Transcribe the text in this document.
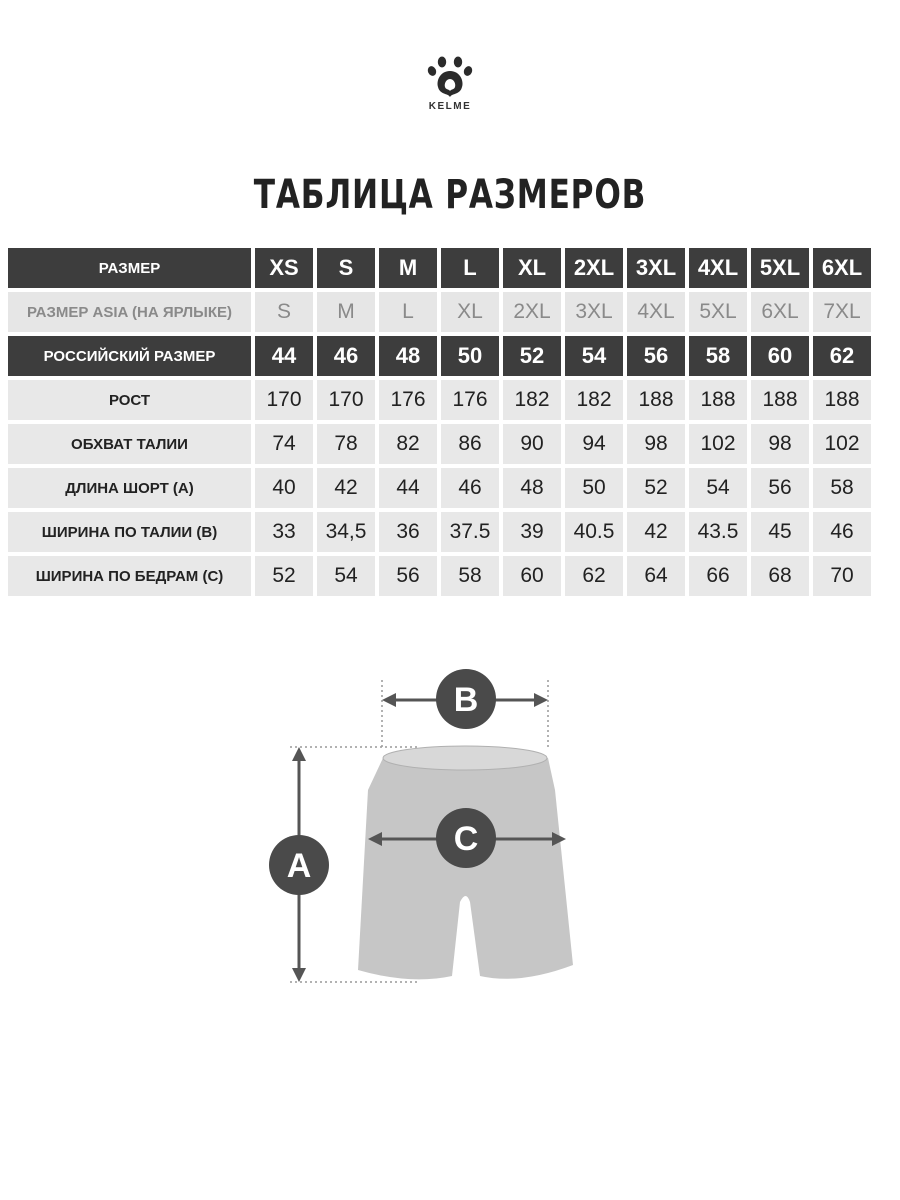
KELME
ТАБЛИЦА РАЗМЕРОВ
РАЗМЕР	XS	S	M	L	XL	2XL 3XL 4XL 5XL 6XL
РАЗМЕР ASIA (НА ЯРЛЫКЕ)	S	M	L	XL	2XL	3XL	4XL	5XL	6XL	7XL
РОССИЙСКИЙ РАЗМЕР	44	46	48	50	52	54	56	58	60	62
РОСТ	170	170	176	176	182	182	188	188	188	188
ОБХВАТ ТАЛИИ	74	78	82	86	90	94	98	102	98	102
ДЛИНА ШОРТ (A)	40	42	44	46	48	50	52	54	56	58
ШИРИНА ПО ТАЛИИ (B)	33	34,5	36	37.5	39	40.5	42	43.5	45	46
ШИРИНА ПО БЕДРАМ (C)	52	54	56	58	60	62	64	66	68	70
B
C
A
